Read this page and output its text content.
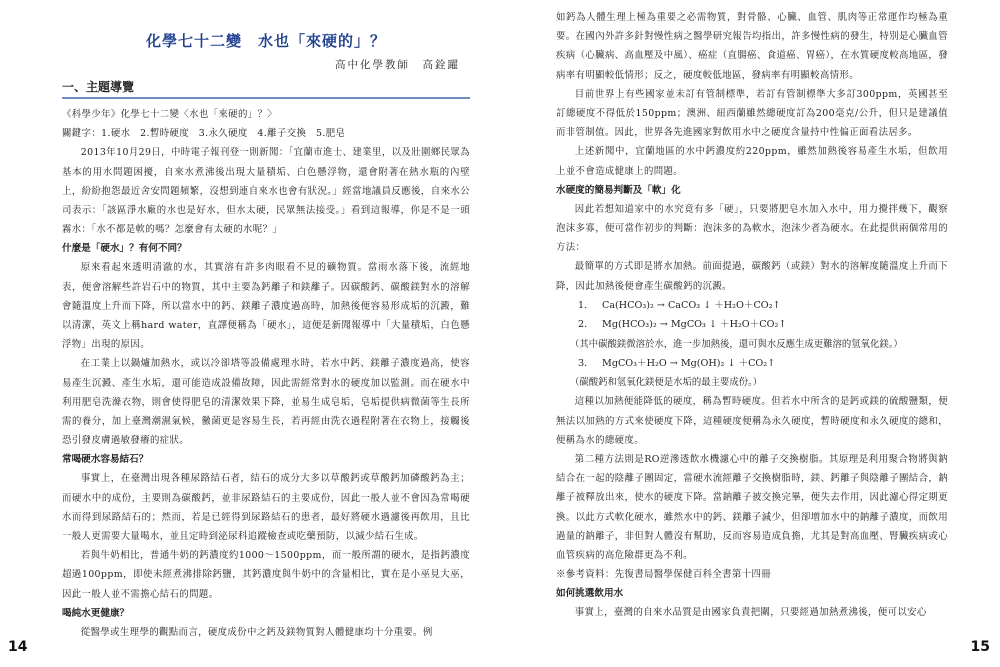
化學七十二變　水也「來硬的」？
高中化學教師　高銓躍
一、主題導覽

《科學少年》化學七十二變〈水也「來硬的」？〉

關鍵字：1.硬水　2.暫時硬度　3.永久硬度　4.離子交換　5.肥皂

2013年10月29日，中時電子報刊登一則新聞：「宜蘭市進士、建業里，以及壯圍鄉民眾為基本的用水問題困擾，自來水煮沸後出現大量積垢、白色懸浮物，還會附著在熱水瓶的內壁上，紛紛抱怨最近舍安問題頻繁，沒想到連自來水也會有狀況。」經當地議員反應後，自來水公司表示：「該區淨水廠的水也是好水，但水太硬，民眾無法接受。」看到這報導，你是不是一頭霧水：「水不都是軟的嗎？怎麼會有太硬的水呢？」

什麼是「硬水」？有何不同？

原來看起來透明清澈的水，其實溶有許多肉眼看不見的礦物質。當雨水落下後，流經地表，便會溶解些許岩石中的物質，其中主要為鈣離子和鎂離子。因碳酸鈣、碳酸鎂對水的溶解會隨溫度上升而下降，所以當水中的鈣、鎂離子濃度過高時，加熱後便容易形成垢的沉澱，難以清潔，英文上稱hard water，直譯便稱為「硬水」，這便是新聞報導中「大量積垢，白色懸浮物」出現的原因。

在工業上以鍋爐加熱水，或以冷卻塔等設備處理水時，若水中鈣、鎂離子濃度過高，使容易產生沉澱、產生水垢，還可能造成設備故障，因此需經常對水的硬度加以監測。而在硬水中利用肥皂洗滌衣物，則會使得肥皂的清潔效果下降，並易生成皂垢，皂垢提供病微菌等生長所需的養分，加上臺灣潮濕氣候，黴菌更是容易生長，若再經由洗衣過程附著在衣物上，接觸後恐引發皮膚過敏發癢的症狀。

常喝硬水容易結石？

事實上，在臺灣出現各種尿路結石者，結石的成分大多以草酸鈣或草酸鈣加磷酸鈣為主；而硬水中的成份，主要則為碳酸鈣，並非尿路結石的主要成份，因此一般人並不會因為常喝硬水而得到尿路結石的；然而，若是已經得到尿路結石的患者，最好將硬水過濾後再飲用，且比一般人更需要大量喝水，並且定時到泌尿科追蹤檢查或吃藥預防，以減少結石生成。

若與牛奶相比，普通牛奶的鈣濃度約1000～1500ppm，而一般所謂的硬水，是指鈣濃度超過100ppm，即使未經煮沸排除鈣鹽，其鈣濃度與牛奶中的含量相比，實在是小巫見大巫，因此一般人並不需擔心結石的問題。

喝純水更健康？

從醫學或生理學的觀點而言，硬度成份中之鈣及鎂物質對人體健康均十分重要。例

14

如鈣為人體生理上極為重要之必需物質，對骨骼、心臟、血管、肌肉等正常運作均極為重要。在國內外許多針對慢性病之醫學研究報告均指出，許多慢性病的發生，特別是心臟血管疾病（心臟病、高血壓及中風）、癌症（直腸癌、食道癌、胃癌），在水質硬度較高地區，發病率有明顯較低情形；反之，硬度較低地區，發病率有明顯較高情形。

目前世界上有些國家並未訂有管制標準，若訂有管制標準大多訂300ppm，英國甚至訂總硬度不得低於150ppm；澳洲、紐西蘭雖然總硬度訂為200毫克/公升，但只是建議值而非管制值。因此，世界各先進國家對飲用水中之硬度含量持中性偏正面看法居多。

上述新聞中，宜蘭地區的水中鈣濃度約220ppm，雖然加熱後容易產生水垢，但飲用上並不會造成健康上的問題。

水硬度的簡易判斷及「軟」化

因此若想知道家中的水究竟有多「硬」，只要將肥皂水加入水中，用力攪拌幾下，觀察泡沫多寡，便可當作初步的判斷：泡沫多的為軟水，泡沫少者為硬水。在此提供兩個常用的方法：

最簡單的方式即是將水加熱。前面提過，碳酸鈣（或鎂）對水的溶解度隨溫度上升而下降，因此加熱後便會產生碳酸鈣的沉澱。

1. Ca(HCO₃)₂ → CaCO₃ ↓ ＋H₂O＋CO₂↑
2. Mg(HCO₃)₂ → MgCO₃ ↓ ＋H₂O＋CO₂↑
（其中碳酸鎂微溶於水，進一步加熱後，還可與水反應生成更難溶的氫氧化鎂。）
3. MgCO₃＋H₂O → Mg(OH)₂ ↓ ＋CO₂↑
（碳酸鈣和氫氧化鎂便是水垢的最主要成份。）

這種以加熱便能降低的硬度，稱為暫時硬度。但若水中所含的是鈣或鎂的硫酸鹽類，便無法以加熱的方式來使硬度下降，這種硬度便稱為永久硬度，暫時硬度和永久硬度的總和，便稱為水的總硬度。

第二種方法則是RO逆滲透飲水機濾心中的離子交換樹脂。其原理是利用聚合物將與鈉結合在一起的陰離子團固定，當硬水流經離子交換樹脂時，鎂、鈣離子與陰離子團結合，鈉離子被釋放出來，使水的硬度下降。當鈉離子被交換完畢，便失去作用，因此濾心得定期更換。以此方式軟化硬水，雖然水中的鈣、鎂離子減少，但卻增加水中的鈉離子濃度，而飲用過量的鈉離子，非但對人體沒有幫助，反而容易造成負擔，尤其是對高血壓、腎臟疾病或心血管疾病的高危險群更為不利。

※參考資料：先復書局醫學保健百科全書第十四冊

如何挑選飲用水

事實上，臺灣的自來水品質是由國家負責把關，只要經過加熱煮沸後，便可以安心

15
